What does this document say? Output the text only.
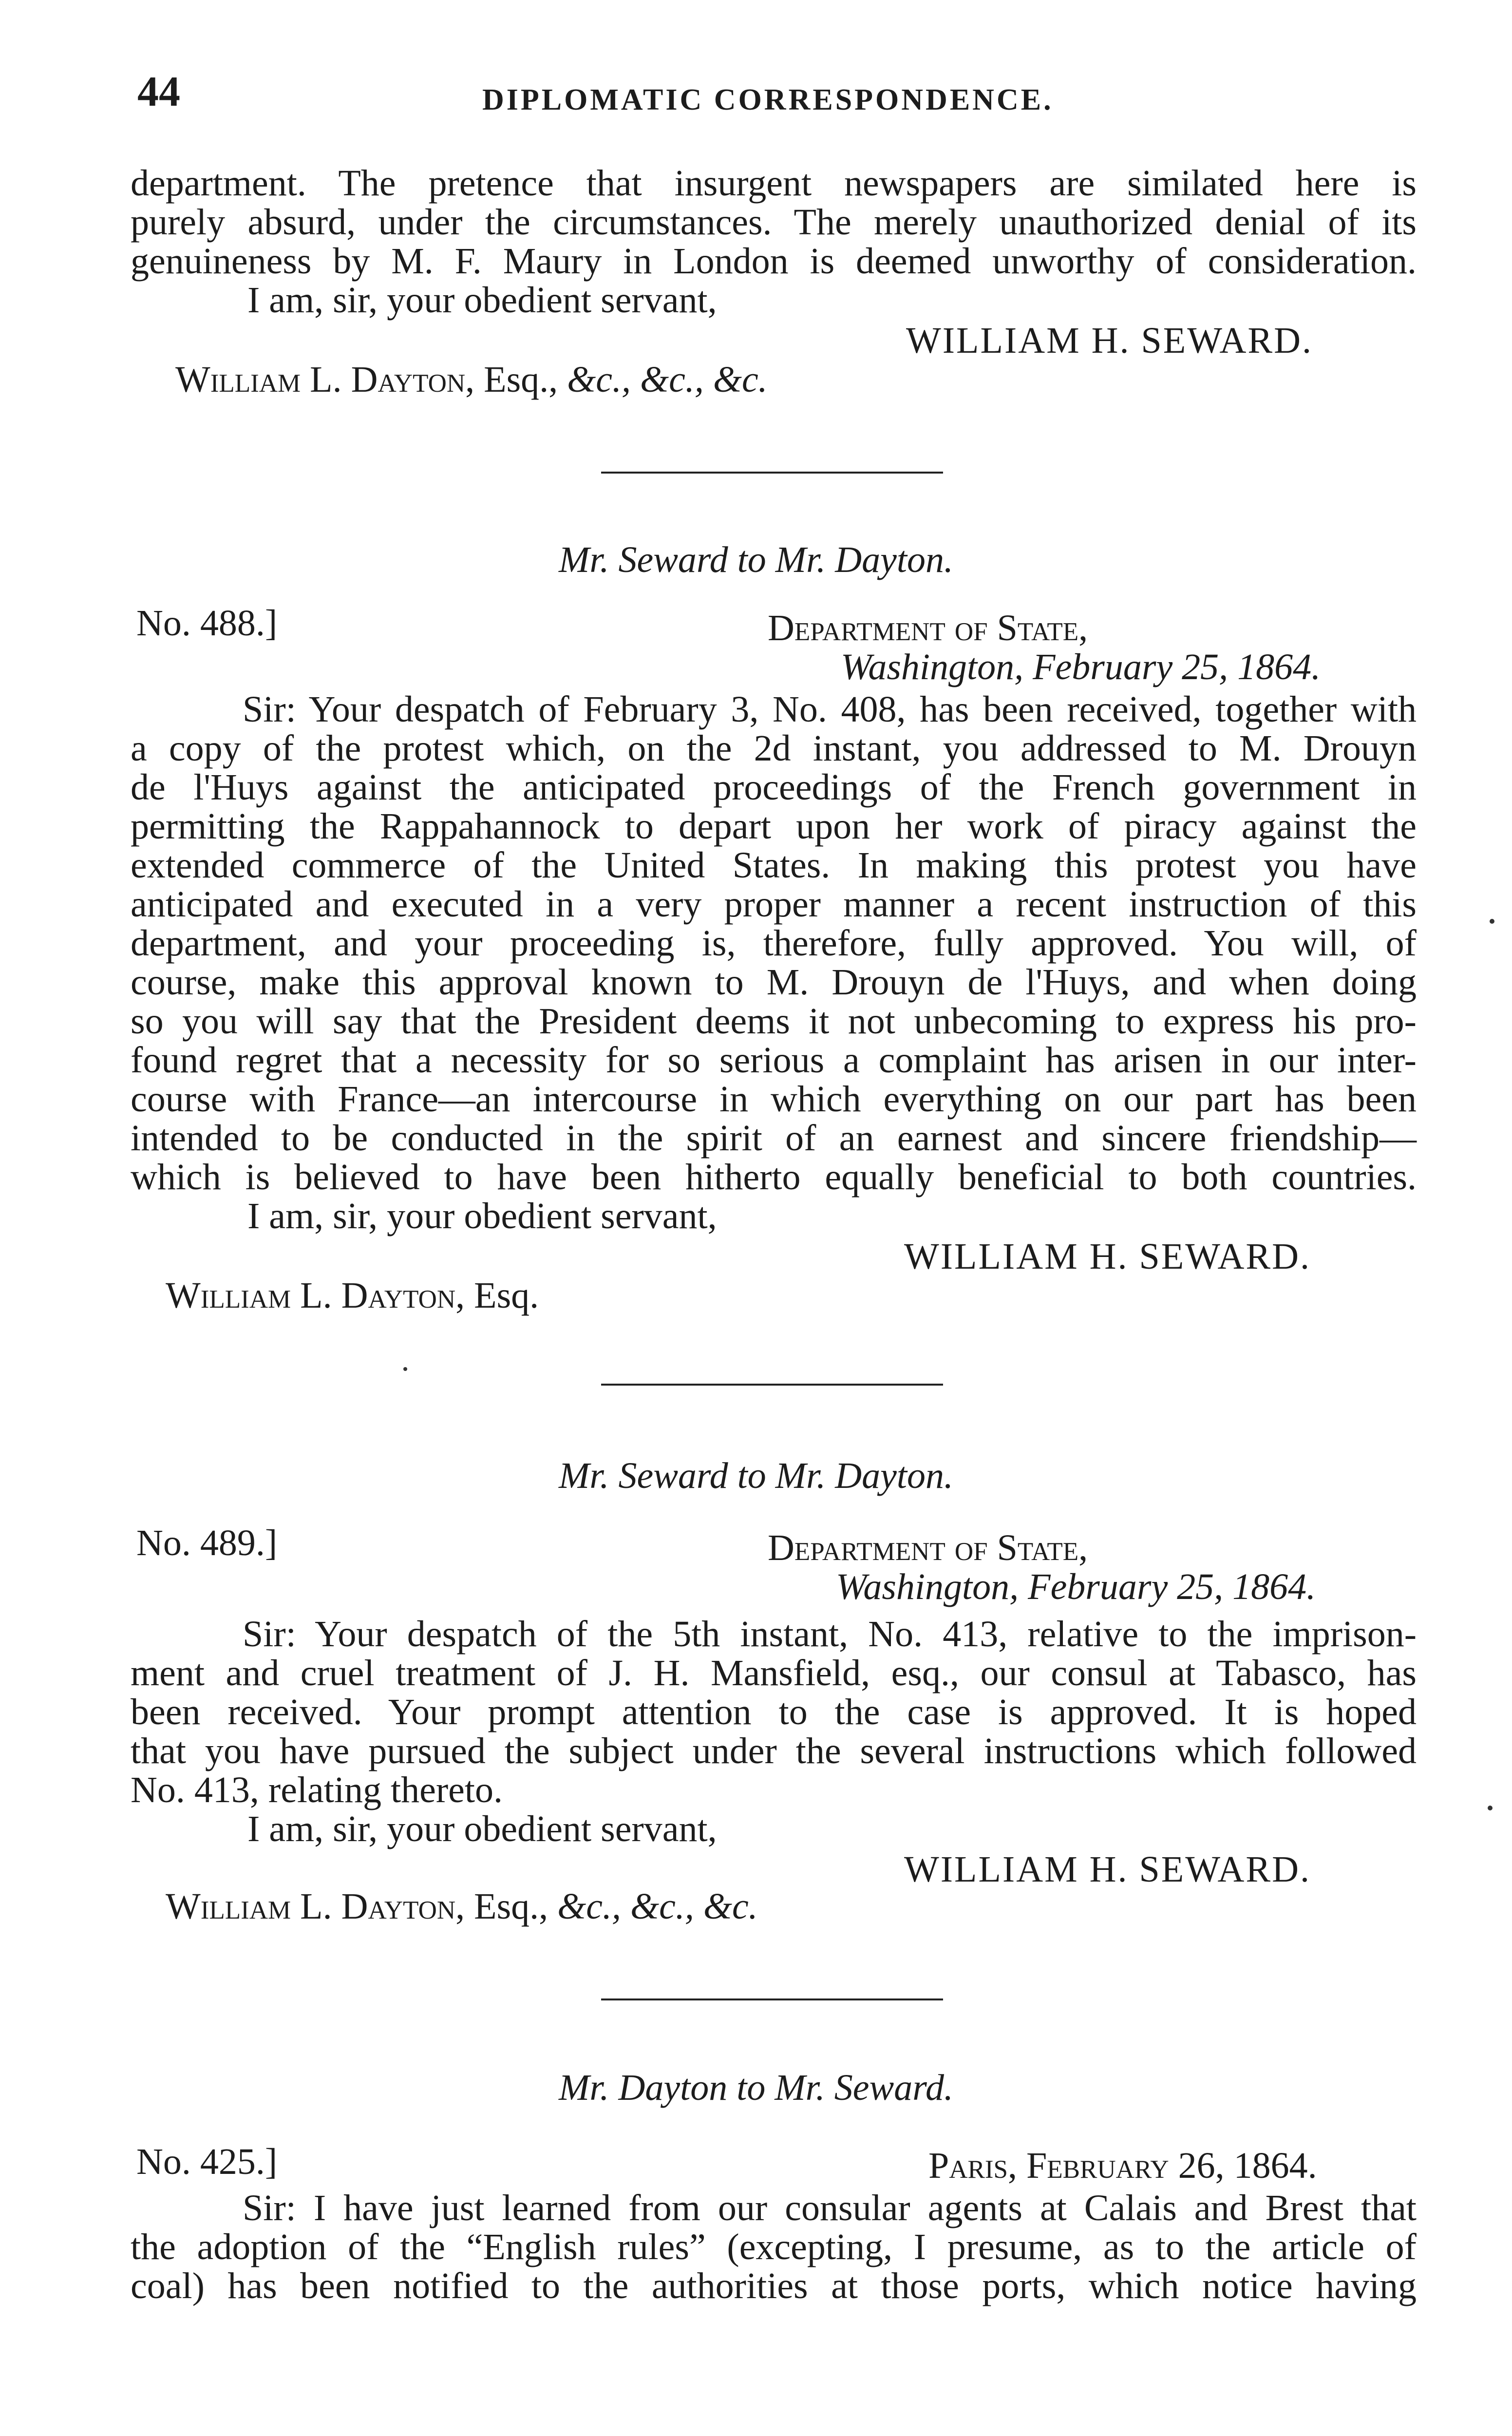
44	DIPLOMATIC CORRESPONDENCE.
department. The pretence that insurgent newspapers are similated here is
purely absurd, under the circumstances. The merely unauthorized denial of its
genuineness by M. F. Maury in London is deemed unworthy of consideration.
I am, sir, your obedient servant,
WILLIAM H. SEWARD.
William L. Dayton, Esq., &c., &c., &c.
Mr. Seward to Mr. Dayton.
No. 488.]	Department of State,
Washington, February 25, 1864.
Sir: Your despatch of February 3, No. 408, has been received, together with
a copy of the protest which, on the 2d instant, you addressed to M. Drouyn
de l'Huys against the anticipated proceedings of the French government in
permitting the Rappahannock to depart upon her work of piracy against the
extended commerce of the United States. In making this protest you have
anticipated and executed in a very proper manner a recent instruction of this
department, and your proceeding is, therefore, fully approved. You will, of
course, make this approval known to M. Drouyn de l'Huys, and when doing
so you will say that the President deems it not unbecoming to express his pro-
found regret that a necessity for so serious a complaint has arisen in our inter-
course with France—an intercourse in which everything on our part has been
intended to be conducted in the spirit of an earnest and sincere friendship—
which is believed to have been hitherto equally beneficial to both countries.
I am, sir, your obedient servant,
WILLIAM H. SEWARD.
William L. Dayton, Esq.
Mr. Seward to Mr. Dayton.
No. 489.]	Department of State,
Washington, February 25, 1864.
Sir: Your despatch of the 5th instant, No. 413, relative to the imprison-
ment and cruel treatment of J. H. Mansfield, esq., our consul at Tabasco, has
been received. Your prompt attention to the case is approved. It is hoped
that you have pursued the subject under the several instructions which followed
No. 413, relating thereto.
I am, sir, your obedient servant,
WILLIAM H. SEWARD.
William L. Dayton, Esq., &c., &c., &c.
Mr. Dayton to Mr. Seward.
No. 425.]	Paris, February 26, 1864.
Sir: I have just learned from our consular agents at Calais and Brest that
the adoption of the “English rules” (excepting, I presume, as to the article of
coal) has been notified to the authorities at those ports, which notice having
